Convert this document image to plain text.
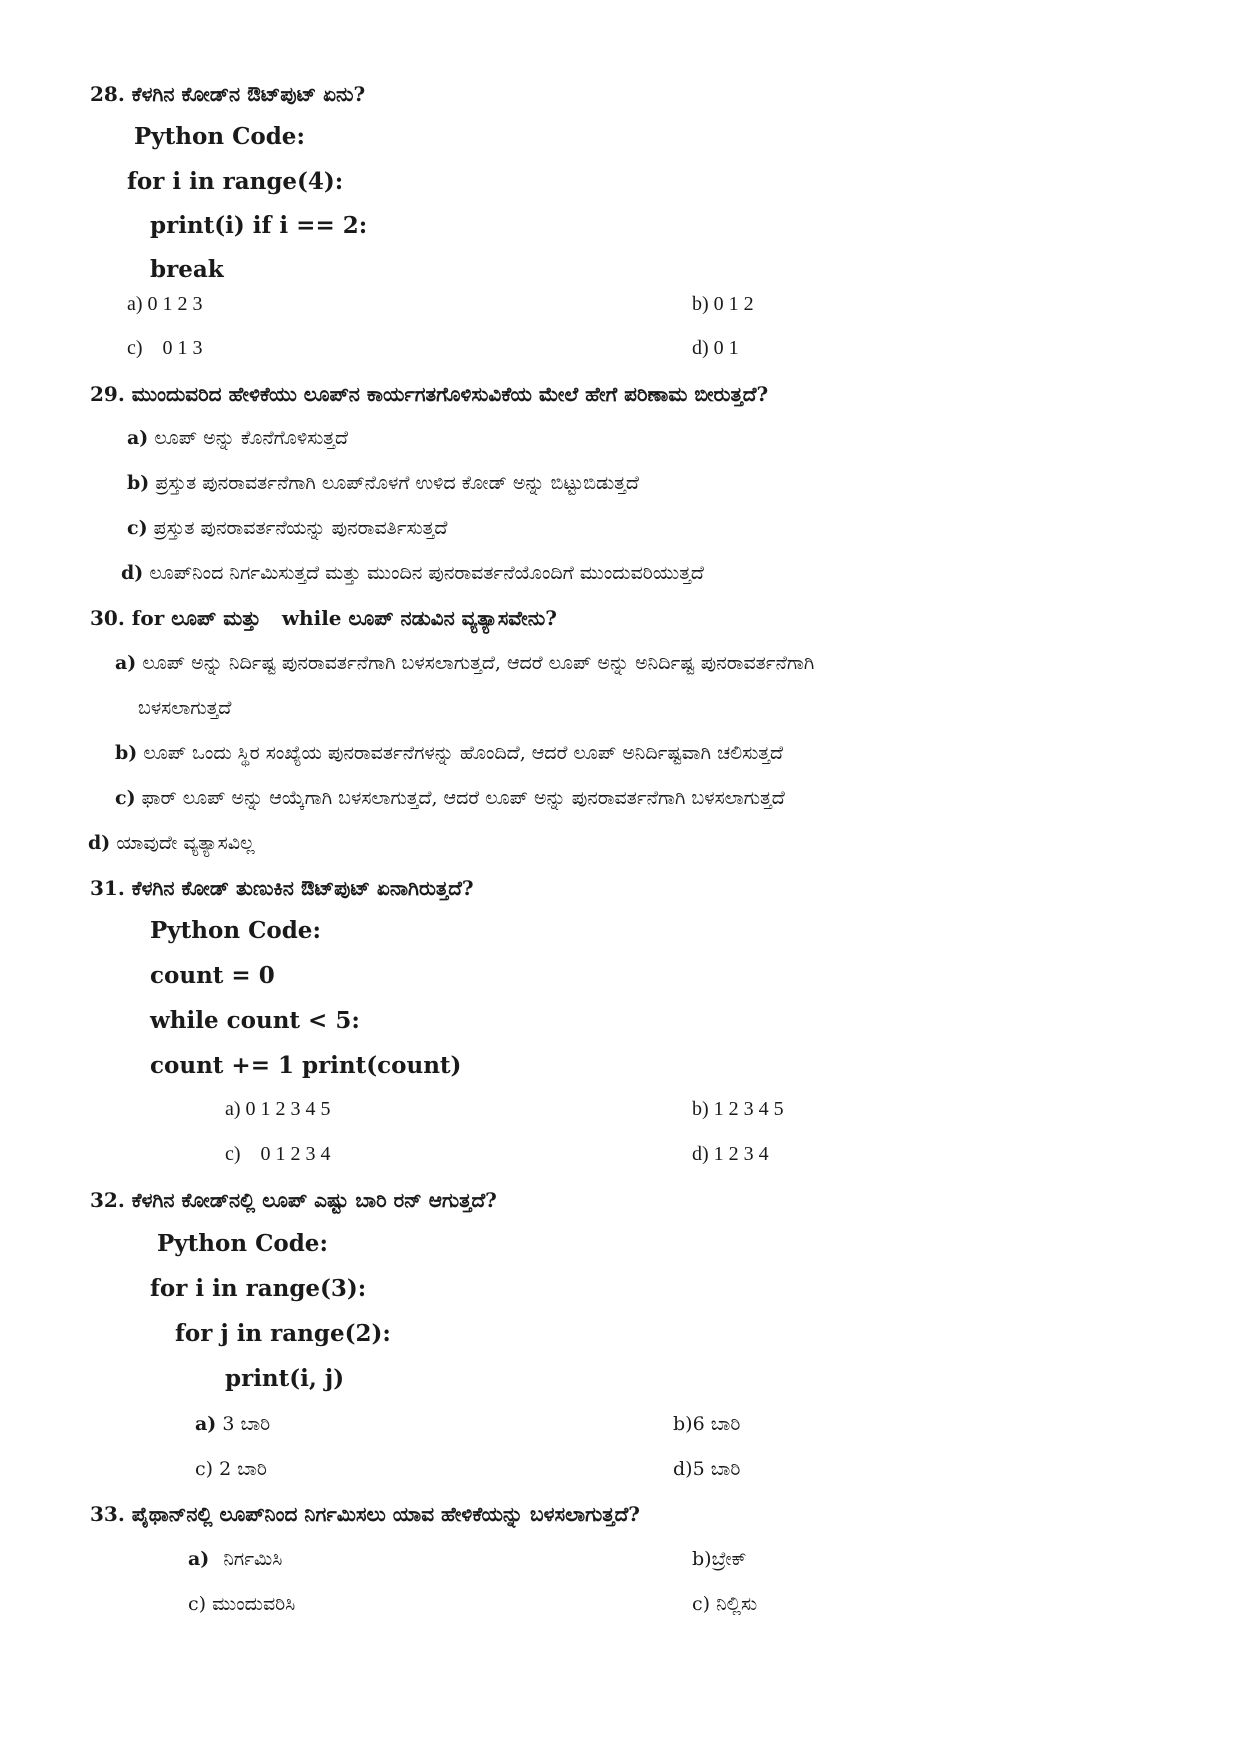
28. ಕೆಳಗಿನ ಕೋಡ್‌ನ ಔಟ್‌ಪುಟ್ ಏನು?
Python Code:
for i in range(4):
print(i) if i == 2:
break
a) 0 1 2 3	b) 0 1 2
c)    0 1 3	d) 0 1
29. ಮುಂದುವರಿದ ಹೇಳಿಕೆಯು ಲೂಪ್‌ನ ಕಾರ್ಯಗತಗೊಳಿಸುವಿಕೆಯ ಮೇಲೆ ಹೇಗೆ ಪರಿಣಾಮ ಬೀರುತ್ತದೆ?
a) ಲೂಪ್ ಅನ್ನು ಕೊನೆಗೊಳಿಸುತ್ತದೆ
b) ಪ್ರಸ್ತುತ ಪುನರಾವರ್ತನೆಗಾಗಿ ಲೂಪ್‌ನೊಳಗೆ ಉಳಿದ ಕೋಡ್ ಅನ್ನು ಬಿಟ್ಟುಬಿಡುತ್ತದೆ
c) ಪ್ರಸ್ತುತ ಪುನರಾವರ್ತನೆಯನ್ನು ಪುನರಾವರ್ತಿಸುತ್ತದೆ
d) ಲೂಪ್‌ನಿಂದ ನಿರ್ಗಮಿಸುತ್ತದೆ ಮತ್ತು ಮುಂದಿನ ಪುನರಾವರ್ತನೆಯೊಂದಿಗೆ ಮುಂದುವರಿಯುತ್ತದೆ
30. for ಲೂಪ್ ಮತ್ತು while ಲೂಪ್ ನಡುವಿನ ವ್ಯತ್ಯಾಸವೇನು?
a) ಲೂಪ್ ಅನ್ನು ನಿರ್ದಿಷ್ಟ ಪುನರಾವರ್ತನೆಗಾಗಿ ಬಳಸಲಾಗುತ್ತದೆ, ಆದರೆ ಲೂಪ್ ಅನ್ನು ಅನಿರ್ದಿಷ್ಟ ಪುನರಾವರ್ತನೆಗಾಗಿ
ಬಳಸಲಾಗುತ್ತದೆ
b) ಲೂಪ್ ಒಂದು ಸ್ಥಿರ ಸಂಖ್ಯೆಯ ಪುನರಾವರ್ತನೆಗಳನ್ನು ಹೊಂದಿದೆ, ಆದರೆ ಲೂಪ್ ಅನಿರ್ದಿಷ್ಟವಾಗಿ ಚಲಿಸುತ್ತದೆ
c) ಫಾರ್ ಲೂಪ್ ಅನ್ನು ಆಯ್ಕೆಗಾಗಿ ಬಳಸಲಾಗುತ್ತದೆ, ಆದರೆ ಲೂಪ್ ಅನ್ನು ಪುನರಾವರ್ತನೆಗಾಗಿ ಬಳಸಲಾಗುತ್ತದೆ
d) ಯಾವುದೇ ವ್ಯತ್ಯಾಸವಿಲ್ಲ
31. ಕೆಳಗಿನ ಕೋಡ್ ತುಣುಕಿನ ಔಟ್‌ಪುಟ್ ಏನಾಗಿರುತ್ತದೆ?
Python Code:
count = 0
while count < 5:
count += 1 print(count)
a) 0 1 2 3 4 5	b) 1 2 3 4 5
c)    0 1 2 3 4	d) 1 2 3 4
32. ಕೆಳಗಿನ ಕೋಡ್‌ನಲ್ಲಿ ಲೂಪ್ ಎಷ್ಟು ಬಾರಿ ರನ್ ಆಗುತ್ತದೆ?
Python Code:
for i in range(3):
for j in range(2):
print(i, j)
a) 3 ಬಾರಿ	b)6 ಬಾರಿ
c) 2 ಬಾರಿ	d)5 ಬಾರಿ
33. ಪೈಥಾನ್‌ನಲ್ಲಿ ಲೂಪ್‌ನಿಂದ ನಿರ್ಗಮಿಸಲು ಯಾವ ಹೇಳಿಕೆಯನ್ನು ಬಳಸಲಾಗುತ್ತದೆ?
a) ನಿರ್ಗಮಿಸಿ	b)ಬ್ರೇಕ್
c) ಮುಂದುವರಿಸಿ	c) ನಿಲ್ಲಿಸು
